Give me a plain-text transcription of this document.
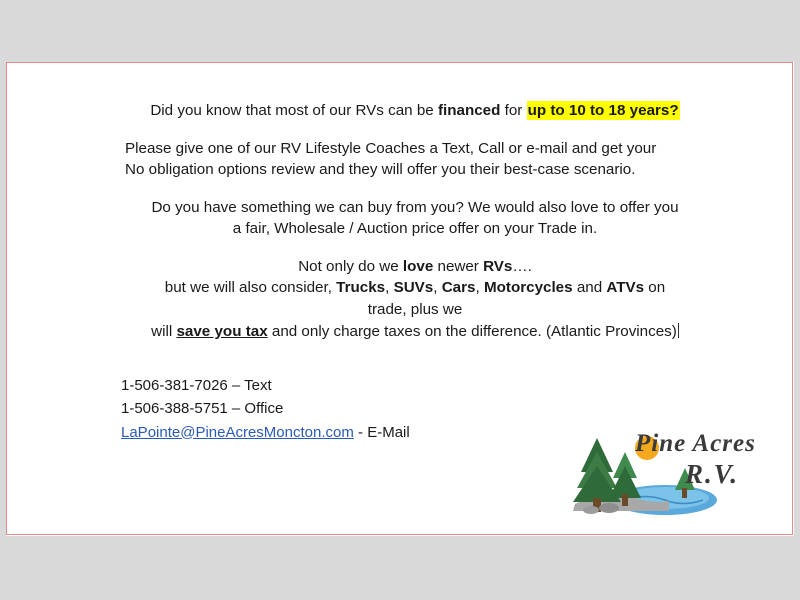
Did you know that most of our RVs can be financed for up to 10 to 18 years?
Please give one of our RV Lifestyle Coaches a Text, Call or e-mail and get your
No obligation options review and they will offer you their best-case scenario.
Do you have something we can buy from you? We would also love to offer you
a fair, Wholesale / Auction price offer on your Trade in.
Not only do we love newer RVs….
but we will also consider, Trucks, SUVs, Cars, Motorcycles and ATVs on
trade, plus we
will save you tax and only charge taxes on the difference. (Atlantic Provinces)
1-506-381-7026 – Text
1-506-388-5751 – Office
LaPointe@PineAcresMoncton.com - E-Mail	Pine Acres
R.V.
